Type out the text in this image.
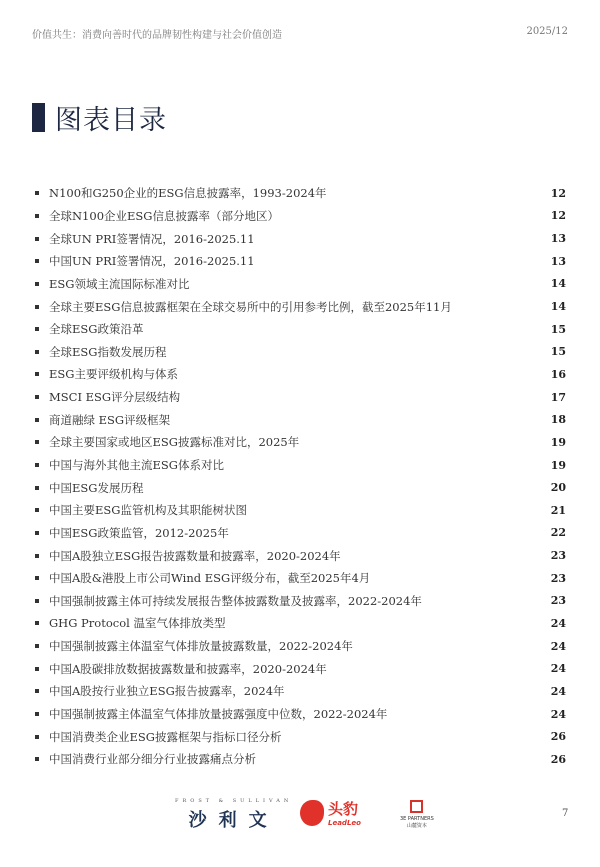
价值共生：消费向善时代的品牌韧性构建与社会价值创造	2025/12
图表目录
N100和G250企业的ESG信息披露率，1993-2024年	12
全球N100企业ESG信息披露率（部分地区）	12
全球UN PRI签署情况，2016-2025.11	13
中国UN PRI签署情况，2016-2025.11	13
ESG领域主流国际标准对比	14
全球主要ESG信息披露框架在全球交易所中的引用参考比例，截至2025年11月	14
全球ESG政策沿革	15
全球ESG指数发展历程	15
ESG主要评级机构与体系	16
MSCI ESG评分层级结构	17
商道融绿 ESG评级框架	18
全球主要国家或地区ESG披露标准对比，2025年	19
中国与海外其他主流ESG体系对比	19
中国ESG发展历程	20
中国主要ESG监管机构及其职能树状图	21
中国ESG政策监管，2012-2025年	22
中国A股独立ESG报告披露数量和披露率，2020-2024年	23
中国A股&港股上市公司Wind ESG评级分布，截至2025年4月	23
中国强制披露主体可持续发展报告整体披露数量及披露率，2022-2024年	23
GHG Protocol 温室气体排放类型	24
中国强制披露主体温室气体排放量披露数量，2022-2024年	24
中国A股碳排放数据披露数量和披露率，2020-2024年	24
中国A股按行业独立ESG报告披露率，2024年	24
中国强制披露主体温室气体排放量披露强度中位数，2022-2024年	24
中国消费类企业ESG披露框架与指标口径分析	26
中国消费行业部分细分行业披露痛点分析	26
FROST & SULLIVAN
沙利文
头豹
LeadLeo	3E PARTNERS
山麓资本
7
